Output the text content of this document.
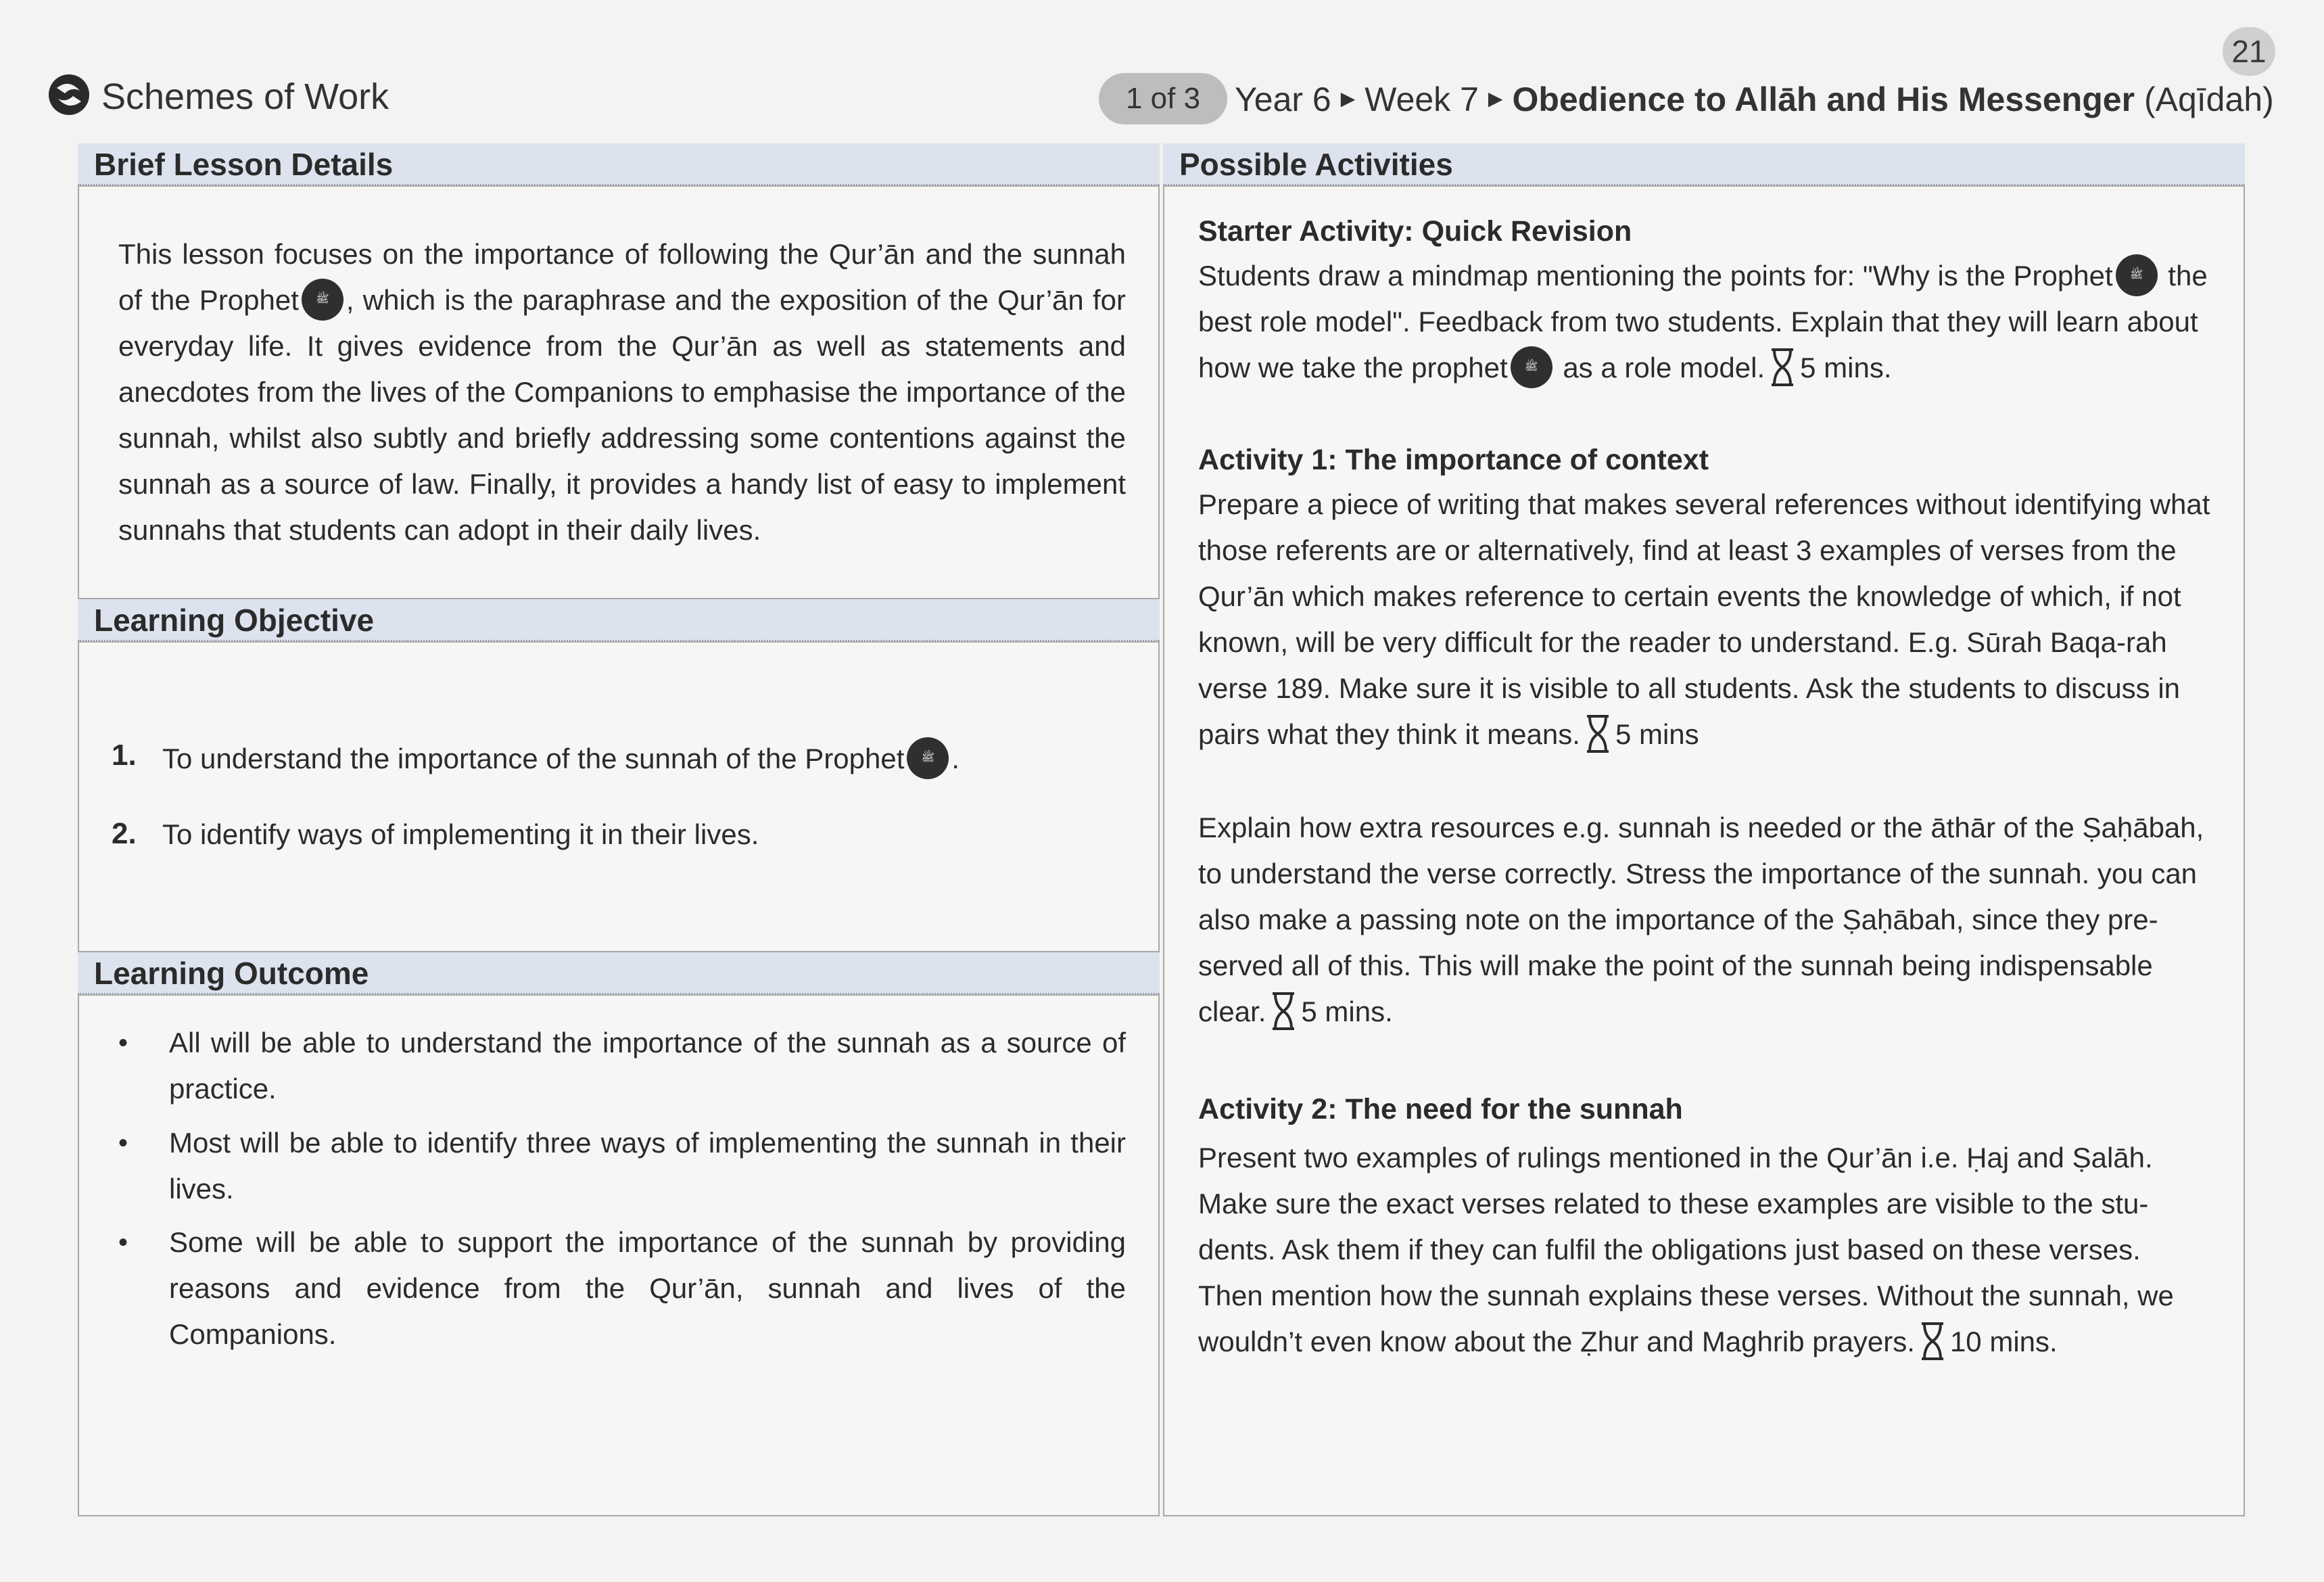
21
Schemes of Work	1 of 3	Year 6 ▶ Week 7 ▶ Obedience to Allāh and His Messenger (Aqīdah)
Brief Lesson Details
This lesson focuses on the importance of following the Qur’ān and the sunnah of the Prophet ﷺ , which is the paraphrase and the exposition of the Qur’ān for everyday life. It gives evidence from the Qur’ān as well as statements and anecdotes from the lives of the Companions to emphasise the importance of the sunnah, whilst also subtly and briefly addressing some contentions against the sunnah as a source of law. Finally, it provides a handy list of easy to implement sunnahs that students can adopt in their daily lives.
Learning Objective
1. To understand the importance of the sunnah of the Prophet ﷺ .
2. To identify ways of implementing it in their lives.
Learning Outcome
• All will be able to understand the importance of the sunnah as a source of practice.
• Most will be able to identify three ways of implementing the sunnah in their lives.
• Some will be able to support the importance of the sunnah by providing reasons and evidence from the Qur’ān, sunnah and lives of the Companions.
Possible Activities
Starter Activity: Quick Revision
Students draw a mindmap mentioning the points for: "Why is the Prophet ﷺ the best role model". Feedback from two students. Explain that they will learn about how we take the prophet ﷺ as a role model. 5 mins.
Activity 1: The importance of context
Prepare a piece of writing that makes several references without identifying what those referents are or alternatively, find at least 3 examples of verses from the Qur’ān which makes reference to certain events the knowledge of which, if not known, will be very difficult for the reader to understand. E.g. Sūrah Baqa-rah verse 189. Make sure it is visible to all students. Ask the students to discuss in pairs what they think it means. 5 mins
Explain how extra resources e.g. sunnah is needed or the āthār of the Ṣaḥābah, to understand the verse correctly. Stress the importance of the sunnah. you can also make a passing note on the importance of the Ṣaḥābah, since they pre-served all of this. This will make the point of the sunnah being indispensable clear. 5 mins.
Activity 2: The need for the sunnah
Present two examples of rulings mentioned in the Qur’ān i.e. Ḥaj and Ṣalāh. Make sure the exact verses related to these examples are visible to the stu-dents. Ask them if they can fulfil the obligations just based on these verses. Then mention how the sunnah explains these verses. Without the sunnah, we wouldn’t even know about the Ẓhur and Maghrib prayers. 10 mins.
